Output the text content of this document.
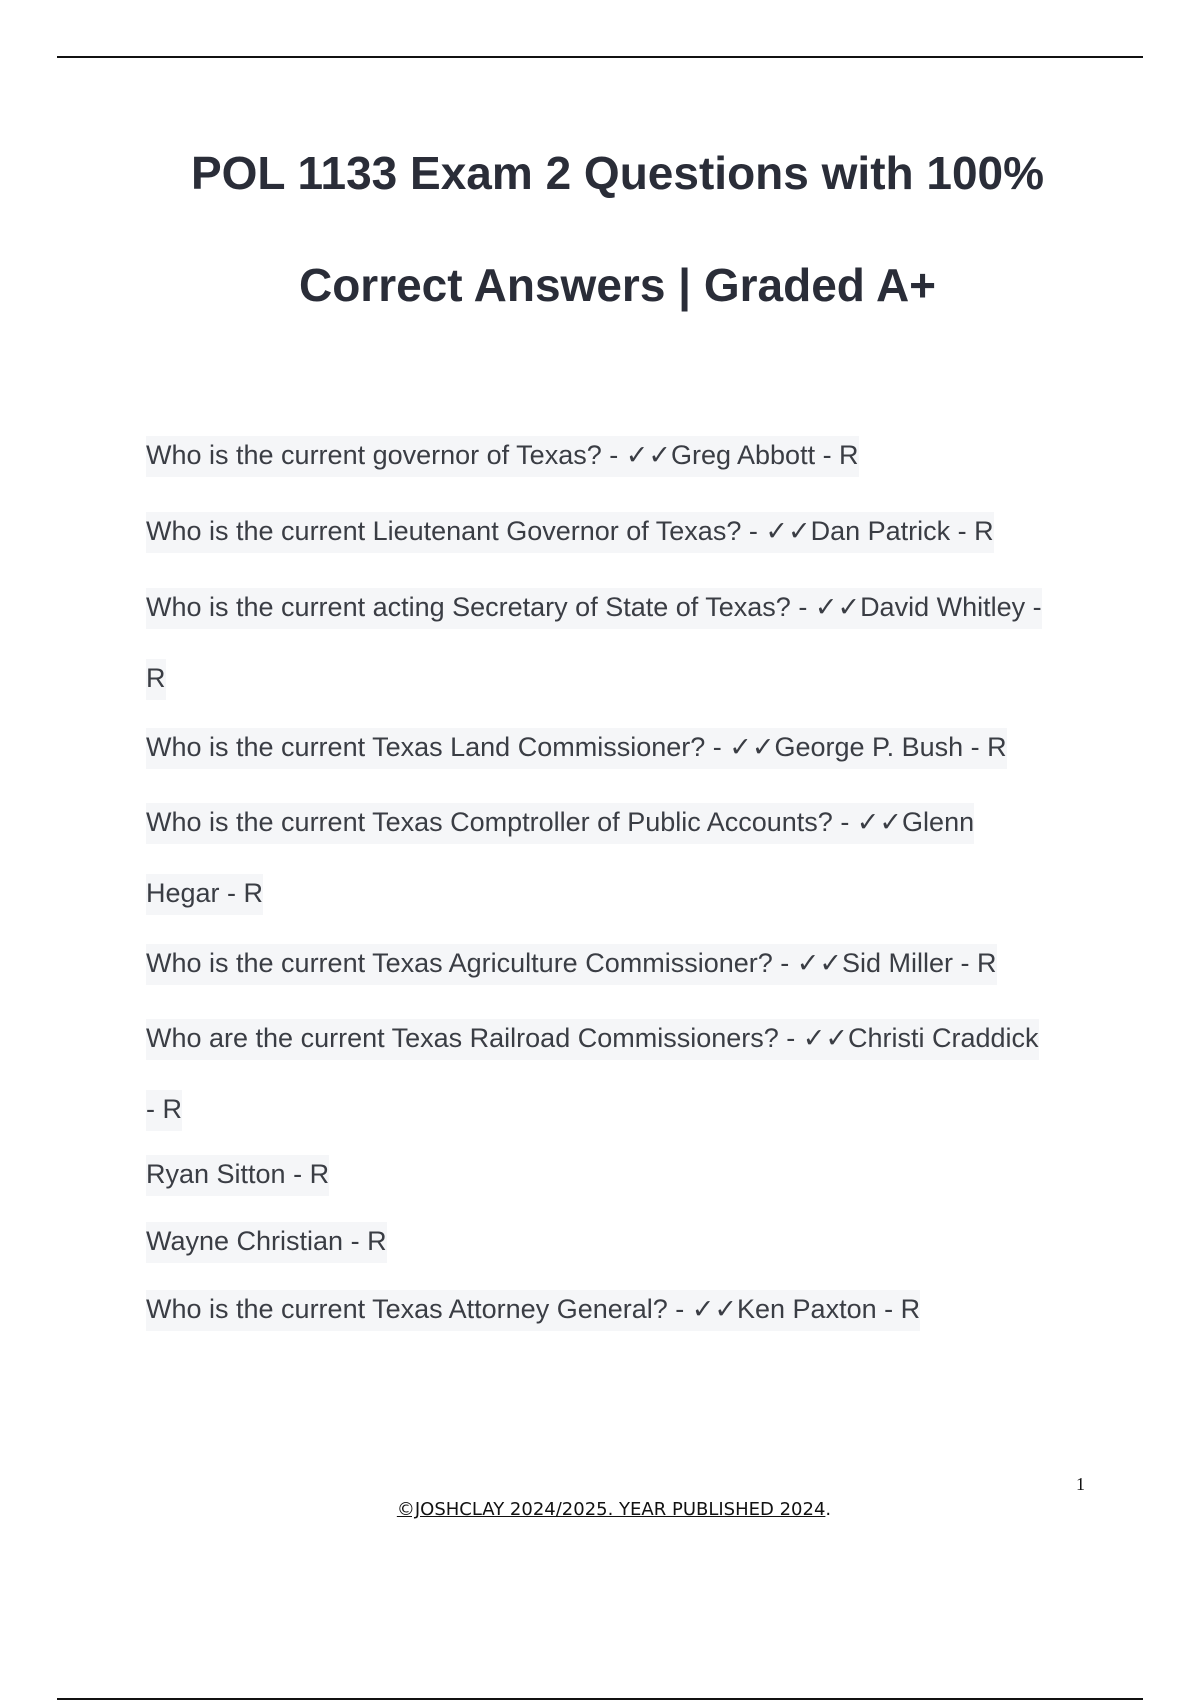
POL 1133 Exam 2 Questions with 100%
Correct Answers | Graded A+
Who is the current governor of Texas? - ✓✓Greg Abbott - R
Who is the current Lieutenant Governor of Texas? - ✓✓Dan Patrick - R
Who is the current acting Secretary of State of Texas? - ✓✓David Whitley -
R
Who is the current Texas Land Commissioner? - ✓✓George P. Bush - R
Who is the current Texas Comptroller of Public Accounts? - ✓✓Glenn
Hegar - R
Who is the current Texas Agriculture Commissioner? - ✓✓Sid Miller - R
Who are the current Texas Railroad Commissioners? - ✓✓Christi Craddick
- R
Ryan Sitton - R
Wayne Christian - R
Who is the current Texas Attorney General? - ✓✓Ken Paxton - R
1
©JOSHCLAY 2024/2025. YEAR PUBLISHED 2024.
